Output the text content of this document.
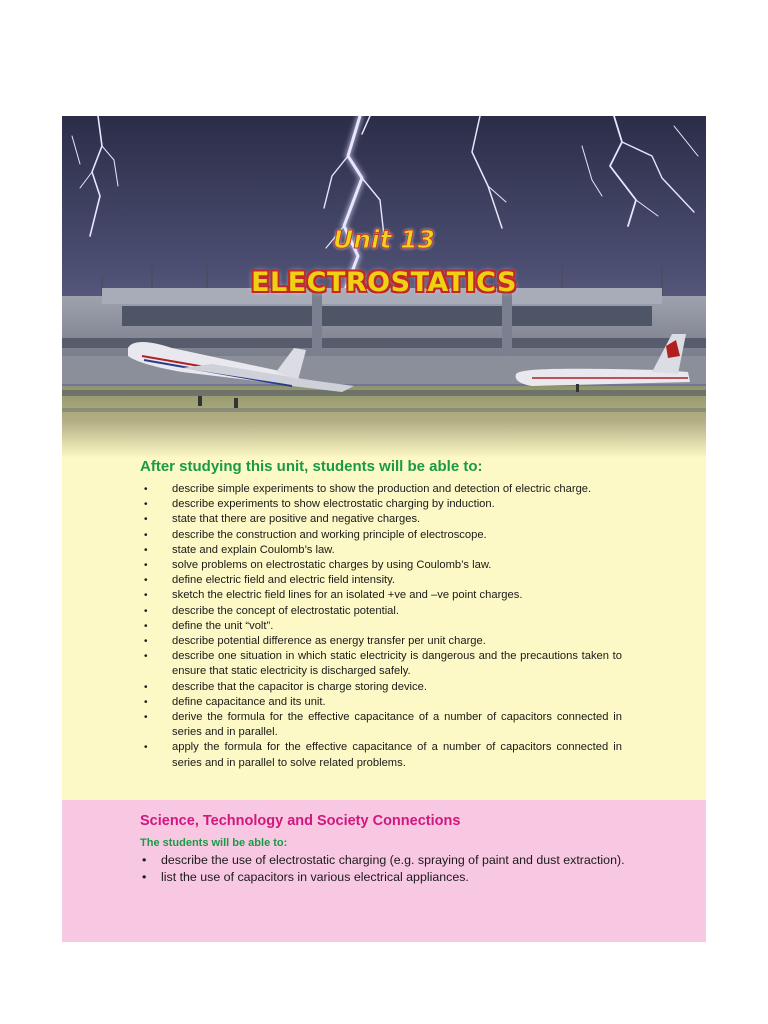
Unit 13
ELECTROSTATICS
After studying this unit, students will be able to:
• describe simple experiments to show the production and detection of electric charge.
• describe experiments to show electrostatic charging by induction.
• state that there are positive and negative charges.
• describe the construction and working principle of electroscope.
• state and explain Coulomb’s law.
• solve problems on electrostatic charges by using Coulomb’s law.
• define electric field and electric field intensity.
• sketch the electric field lines for an isolated +ve and –ve point charges.
• describe the concept of electrostatic potential.
• define the unit “volt”.
• describe potential difference as energy transfer per unit charge.
• describe one situation in which static electricity is dangerous and the precautions taken to ensure that static electricity is discharged safely.
• describe that the capacitor is charge storing device.
• define capacitance and its unit.
• derive the formula for the effective capacitance of a number of capacitors connected in series and in parallel.
• apply the formula for the effective capacitance of a number of capacitors connected in series and in parallel to solve related problems.
Science, Technology and Society Connections
The students will be able to:
• describe the use of electrostatic charging (e.g. spraying of paint and dust extraction).
• list the use of capacitors in various electrical appliances.
